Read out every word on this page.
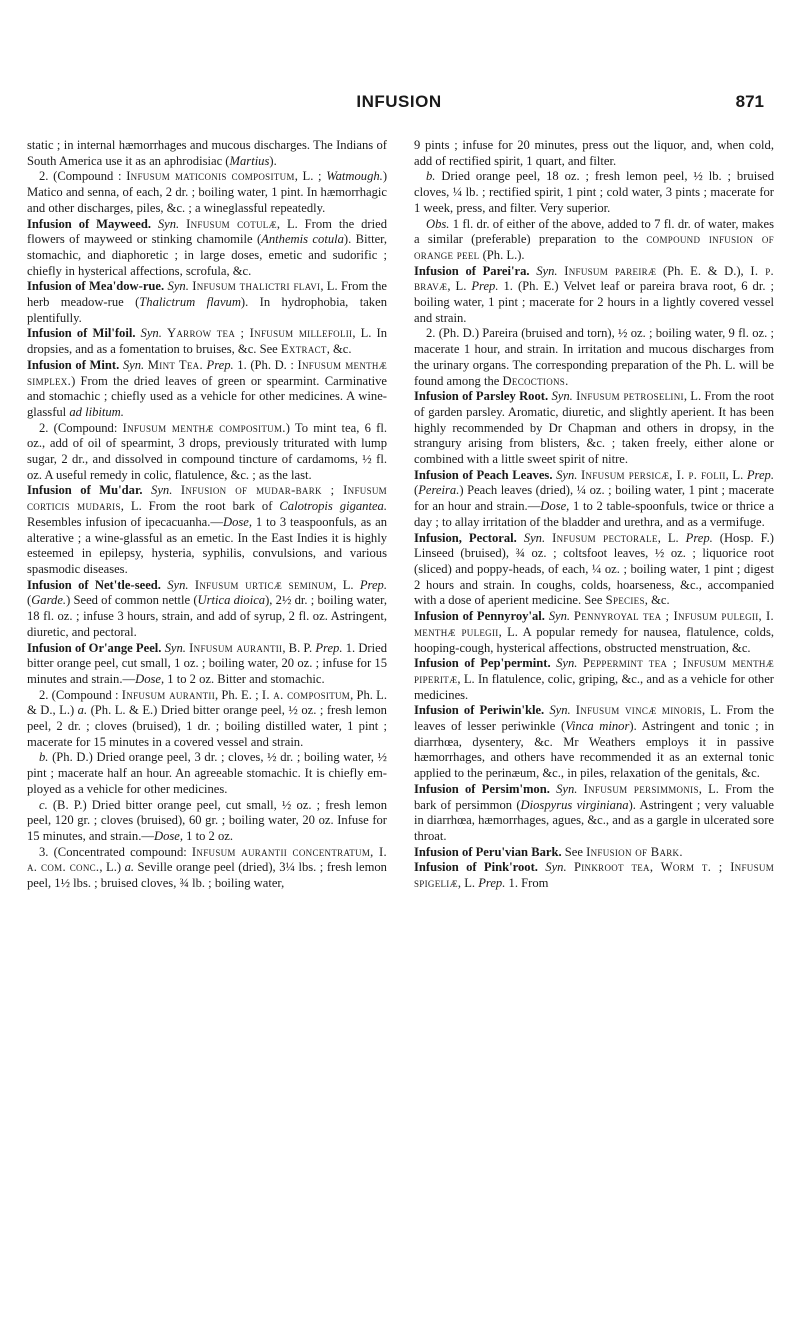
INFUSION	871

static ; in internal hæmorrhages and mucous discharges. The Indians of South America use it as an aphrodisiac (Martius).

2. (Compound : Infusum maticonis compositum, L. ; Watmough.) Matico and senna, of each, 2 dr. ; boiling water, 1 pint. In hæmorrhagic and other discharges, piles, &c. ; a wineglassful repeatedly.

Infusion of Mayweed. Syn. Infusum cotulæ, L. From the dried flowers of mayweed or stinking chamomile (Anthemis cotula). Bitter, stomachic, and diaphoretic ; in large doses, emetic and sudorific ; chiefly in hysterical affections, scrofula, &c.

Infusion of Mea'dow-rue. Syn. Infusum thalictri flavi, L. From the herb meadow-rue (Thalictrum flavum). In hydrophobia, taken plentifully.

Infusion of Mil'foil. Syn. Yarrow tea ; Infusum millefolii, L. In dropsies, and as a fomentation to bruises, &c. See Extract, &c.

Infusion of Mint. Syn. Mint Tea. Prep. 1. (Ph. D. : Infusum menthæ simplex.) From the dried leaves of green or spearmint. Carminative and stomachic ; chiefly used as a vehicle for other medicines. A wine-glassful ad libitum.

2. (Compound: Infusum menthæ compositum.) To mint tea, 6 fl. oz., add of oil of spearmint, 3 drops, previously triturated with lump sugar, 2 dr., and dissolved in compound tincture of cardamoms, ½ fl. oz. A useful remedy in colic, flatulence, &c. ; as the last.

Infusion of Mu'dar. Syn. Infusion of mudar-bark ; Infusum corticis mudaris, L. From the root bark of Calotropis gigantea. Resembles infusion of ipecacuanha.—Dose, 1 to 3 teaspoonfuls, as an alterative ; a wine-glassful as an emetic. In the East Indies it is highly esteemed in epilepsy, hysteria, syphilis, convulsions, and various spasmodic diseases.

Infusion of Net'tle-seed. Syn. Infusum urticæ seminum, L. Prep. (Garde.) Seed of common nettle (Urtica dioica), 2½ dr. ; boiling water, 18 fl. oz. ; infuse 3 hours, strain, and add of syrup, 2 fl. oz. Astringent, diuretic, and pectoral.

Infusion of Or'ange Peel. Syn. Infusum aurantii, B. P. Prep. 1. Dried bitter orange peel, cut small, 1 oz. ; boiling water, 20 oz. ; infuse for 15 minutes and strain.—Dose, 1 to 2 oz. Bitter and stomachic.

2. (Compound : Infusum aurantii, Ph. E. ; I. a. compositum, Ph. L. & D., L.) a. (Ph. L. & E.) Dried bitter orange peel, ½ oz. ; fresh lemon peel, 2 dr. ; cloves (bruised), 1 dr. ; boiling distilled water, 1 pint ; macerate for 15 minutes in a covered vessel and strain.

b. (Ph. D.) Dried orange peel, 3 dr. ; cloves, ½ dr. ; boiling water, ½ pint ; macerate half an hour. An agreeable stomachic. It is chiefly employed as a vehicle for other medicines.

c. (B. P.) Dried bitter orange peel, cut small, ½ oz. ; fresh lemon peel, 120 gr. ; cloves (bruised), 60 gr. ; boiling water, 20 oz. Infuse for 15 minutes, and strain.—Dose, 1 to 2 oz.

3. (Concentrated compound: Infusum aurantii concentratum, I. a. com. conc., L.) a. Seville orange peel (dried), 3¼ lbs. ; fresh lemon peel, 1½ lbs. ; bruised cloves, ¾ lb. ; boiling water,

9 pints ; infuse for 20 minutes, press out the liquor, and, when cold, add of rectified spirit, 1 quart, and filter.

b. Dried orange peel, 18 oz. ; fresh lemon peel, ½ lb. ; bruised cloves, ¼ lb. ; rectified spirit, 1 pint ; cold water, 3 pints ; macerate for 1 week, press, and filter. Very superior.

Obs. 1 fl. dr. of either of the above, added to 7 fl. dr. of water, makes a similar (preferable) preparation to the compound infusion of orange peel (Ph. L.).

Infusion of Parei'ra. Syn. Infusum pareiræ (Ph. E. & D.), I. p. bravæ, L. Prep. 1. (Ph. E.) Velvet leaf or pareira brava root, 6 dr. ; boiling water, 1 pint ; macerate for 2 hours in a lightly covered vessel and strain.

2. (Ph. D.) Pareira (bruised and torn), ½ oz. ; boiling water, 9 fl. oz. ; macerate 1 hour, and strain. In irritation and mucous discharges from the urinary organs. The corresponding preparation of the Ph. L. will be found among the Decoctions.

Infusion of Parsley Root. Syn. Infusum petroselini, L. From the root of garden parsley. Aromatic, diuretic, and slightly aperient. It has been highly recommended by Dr Chapman and others in dropsy, in the strangury arising from blisters, &c. ; taken freely, either alone or combined with a little sweet spirit of nitre.

Infusion of Peach Leaves. Syn. Infusum persicæ, I. p. folii, L. Prep. (Pereira.) Peach leaves (dried), ¼ oz. ; boiling water, 1 pint ; macerate for an hour and strain.—Dose, 1 to 2 table-spoonfuls, twice or thrice a day ; to allay irritation of the bladder and urethra, and as a vermifuge.

Infusion, Pectoral. Syn. Infusum pectorale, L. Prep. (Hosp. F.) Linseed (bruised), ¾ oz. ; coltsfoot leaves, ½ oz. ; liquorice root (sliced) and poppy-heads, of each, ¼ oz. ; boiling water, 1 pint ; digest 2 hours and strain. In coughs, colds, hoarseness, &c., accompanied with a dose of aperient medicine. See Species, &c.

Infusion of Pennyroy'al. Syn. Pennyroyal tea ; Infusum pulegii, I. menthæ pulegii, L. A popular remedy for nausea, flatulence, colds, hooping-cough, hysterical affections, obstructed menstruation, &c.

Infusion of Pep'permint. Syn. Peppermint tea ; Infusum menthæ piperitæ, L. In flatulence, colic, griping, &c., and as a vehicle for other medicines.

Infusion of Periwin'kle. Syn. Infusum vincæ minoris, L. From the leaves of lesser periwinkle (Vinca minor). Astringent and tonic ; in diarrhœa, dysentery, &c. Mr Weathers employs it in passive hæmorrhages, and others have recommended it as an external tonic applied to the perinæum, &c., in piles, relaxation of the genitals, &c.

Infusion of Persim'mon. Syn. Infusum persimmonis, L. From the bark of persimmon (Diospyrus virginiana). Astringent ; very valuable in diarrhœa, hæmorrhages, agues, &c., and as a gargle in ulcerated sore throat.

Infusion of Peru'vian Bark. See Infusion of Bark.

Infusion of Pink'root. Syn. Pinkroot tea, Worm t. ; Infusum spigeliæ, L. Prep. 1. From
